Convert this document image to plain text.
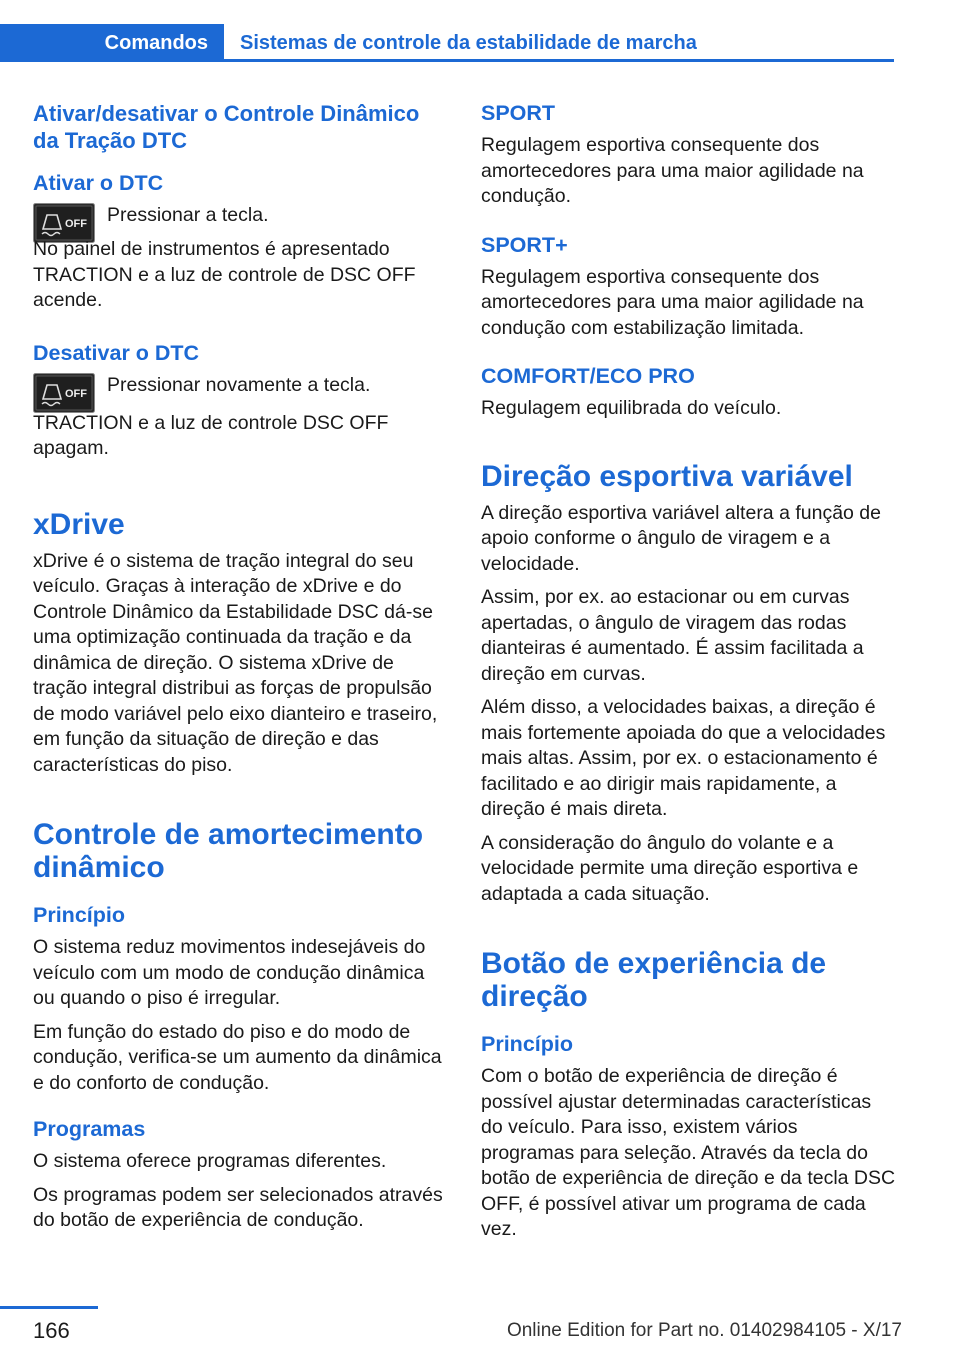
Comandos	Sistemas de controle da estabilidade de marcha
Ativar/desativar o Controle Dinâmico da Tração DTC
Ativar o DTC
OFF Pressionar a tecla.

No painel de instrumentos é apresentado TRACTION e a luz de controle de DSC OFF acende.

Desativar o DTC
OFF Pressionar novamente a tecla.

TRACTION e a luz de controle DSC OFF apagam.

xDrive

xDrive é o sistema de tração integral do seu veículo. Graças à interação de xDrive e do Controle Dinâmico da Estabilidade DSC dá-se uma optimização continuada da tração e da dinâmica de direção. O sistema xDrive de tração integral distribui as forças de propulsão de modo variável pelo eixo dianteiro e traseiro, em função da situação de direção e das características do piso.

Controle de amortecimento dinâmico
Princípio

O sistema reduz movimentos indesejáveis do veículo com um modo de condução dinâmica ou quando o piso é irregular.

Em função do estado do piso e do modo de condução, verifica-se um aumento da dinâmica e do conforto de condução.

Programas

O sistema oferece programas diferentes.

Os programas podem ser selecionados através do botão de experiência de condução.

SPORT

Regulagem esportiva consequente dos amortecedores para uma maior agilidade na condução.

SPORT+

Regulagem esportiva consequente dos amortecedores para uma maior agilidade na condução com estabilização limitada.

COMFORT/ECO PRO

Regulagem equilibrada do veículo.

Direção esportiva variável

A direção esportiva variável altera a função de apoio conforme o ângulo de viragem e a velocidade.

Assim, por ex. ao estacionar ou em curvas apertadas, o ângulo de viragem das rodas dianteiras é aumentado. É assim facilitada a direção em curvas.

Além disso, a velocidades baixas, a direção é mais fortemente apoiada do que a velocidades mais altas. Assim, por ex. o estacionamento é facilitado e ao dirigir mais rapidamente, a direção é mais direta.

A consideração do ângulo do volante e a velocidade permite uma direção esportiva e adaptada a cada situação.

Botão de experiência de direção
Princípio

Com o botão de experiência de direção é possível ajustar determinadas características do veículo. Para isso, existem vários programas para seleção. Através da tecla do botão de experiência de direção e da tecla DSC OFF, é possível ativar um programa de cada vez.

166	Online Edition for Part no. 01402984105 - X/17
